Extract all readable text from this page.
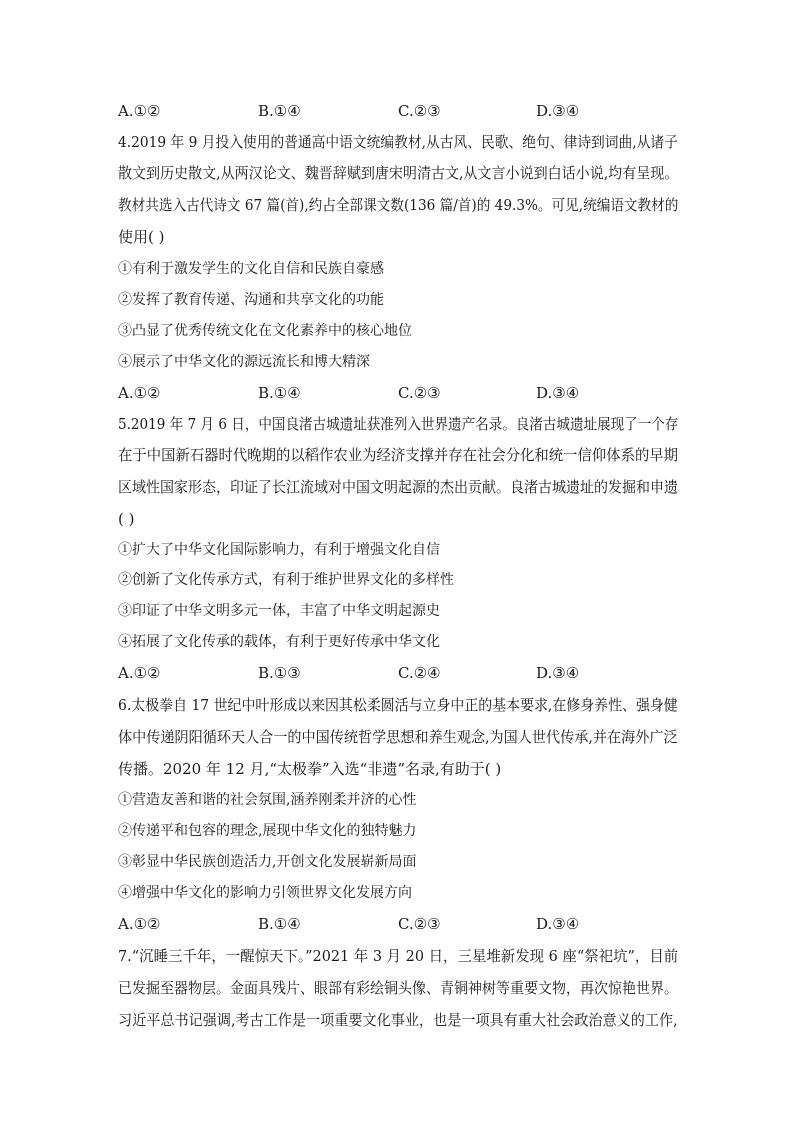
A.①②	B.①④	C.②③	D.③④
4.2019 年 9 月投入使用的普通高中语文统编教材,从古风、民歌、绝句、律诗到词曲,从诸子
散文到历史散文,从两汉论文、魏晋辞赋到唐宋明清古文,从文言小说到白话小说,均有呈现。
教材共选入古代诗文 67 篇(首),约占全部课文数(136 篇/首)的 49.3%。可见,统编语文教材的
使用( )
①有利于激发学生的文化自信和民族自豪感
②发挥了教育传递、沟通和共享文化的功能
③凸显了优秀传统文化在文化素养中的核心地位
④展示了中华文化的源远流长和博大精深
A.①②	B.①④	C.②③	D.③④
5.2019 年 7 月 6 日，中国良渚古城遗址获准列入世界遗产名录。良渚古城遗址展现了一个存
在于中国新石器时代晚期的以稻作农业为经济支撑并存在社会分化和统一信仰体系的早期
区域性国家形态，印证了长江流域对中国文明起源的杰出贡献。良渚古城遗址的发掘和申遗
( )
①扩大了中华文化国际影响力，有利于增强文化自信
②创新了文化传承方式，有利于维护世界文化的多样性
③印证了中华文明多元一体，丰富了中华文明起源史
④拓展了文化传承的载体，有利于更好传承中华文化
A.①②	B.①③	C.②④	D.③④
6.太极拳自 17 世纪中叶形成以来因其松柔圆活与立身中正的基本要求,在修身养性、强身健
体中传递阴阳循环天人合一的中国传统哲学思想和养生观念,为国人世代传承,并在海外广泛
传播。2020 年 12 月,“太极拳”入选“非遗”名录,有助于( )
①营造友善和谐的社会氛围,涵养刚柔并济的心性
②传递平和包容的理念,展现中华文化的独特魅力
③彰显中华民族创造活力,开创文化发展崭新局面
④增强中华文化的影响力引领世界文化发展方向
A.①②	B.①④	C.②③	D.③④
7.“沉睡三千年，一醒惊天下。”2021 年 3 月 20 日，三星堆新发现 6 座“祭祀坑”，目前
已发掘至器物层。金面具残片、眼部有彩绘铜头像、青铜神树等重要文物，再次惊艳世界。
习近平总书记强调,考古工作是一项重要文化事业，也是一项具有重大社会政治意义的工作,
